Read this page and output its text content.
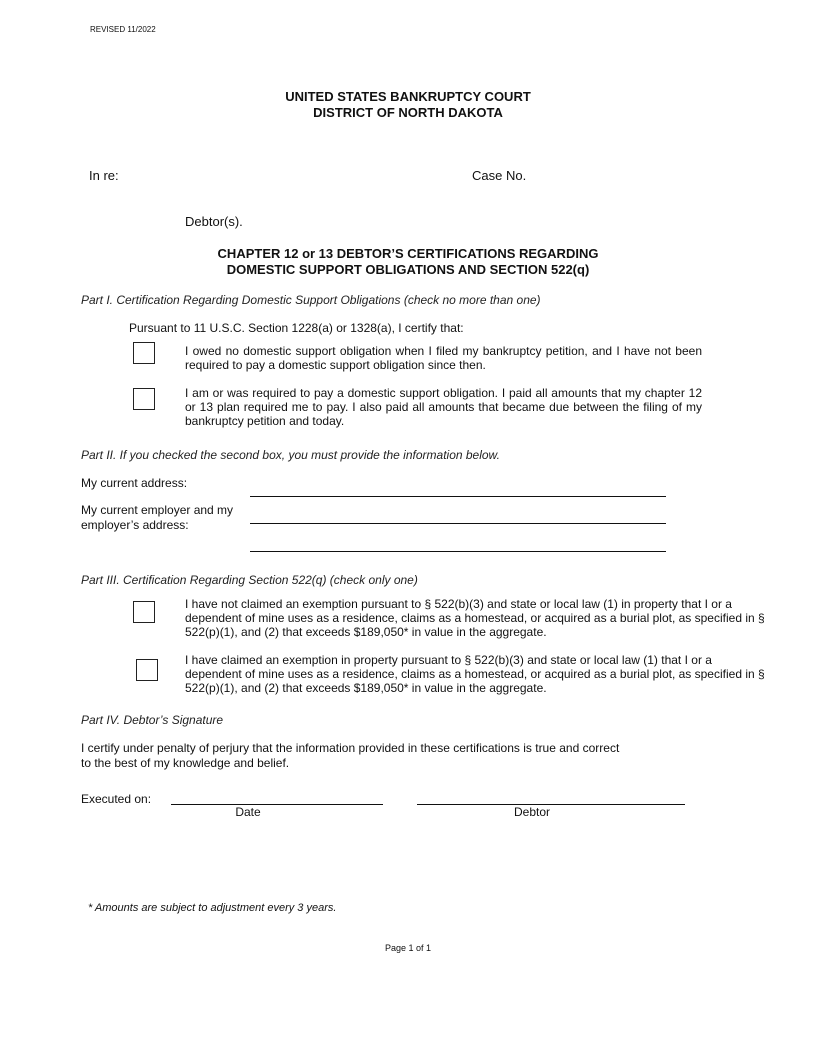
REVISED 11/2022
UNITED STATES BANKRUPTCY COURT
DISTRICT OF NORTH DAKOTA
In re:	Case No.
Debtor(s).
CHAPTER 12 or 13 DEBTOR’S CERTIFICATIONS REGARDING
DOMESTIC SUPPORT OBLIGATIONS AND SECTION 522(q)
Part I. Certification Regarding Domestic Support Obligations (check no more than one)
Pursuant to 11 U.S.C. Section 1228(a) or 1328(a), I certify that:
I owed no domestic support obligation when I filed my bankruptcy petition, and I have not been required to pay a domestic support obligation since then.
I am or was required to pay a domestic support obligation. I paid all amounts that my chapter 12 or 13 plan required me to pay. I also paid all amounts that became due between the filing of my bankruptcy petition and today.
Part II. If you checked the second box, you must provide the information below.
My current address:
My current employer and my
employer’s address:
Part III. Certification Regarding Section 522(q) (check only one)
I have not claimed an exemption pursuant to § 522(b)(3) and state or local law (1) in property that I or a dependent of mine uses as a residence, claims as a homestead, or acquired as a burial plot, as specified in § 522(p)(1), and (2) that exceeds $189,050* in value in the aggregate.
I have claimed an exemption in property pursuant to § 522(b)(3) and state or local law (1) that I or a dependent of mine uses as a residence, claims as a homestead, or acquired as a burial plot, as specified in § 522(p)(1), and (2) that exceeds $189,050* in value in the aggregate.
Part IV. Debtor’s Signature
I certify under penalty of perjury that the information provided in these certifications is true and correct
to the best of my knowledge and belief.
Executed on:
Date	Debtor
* Amounts are subject to adjustment every 3 years.
Page 1 of 1
